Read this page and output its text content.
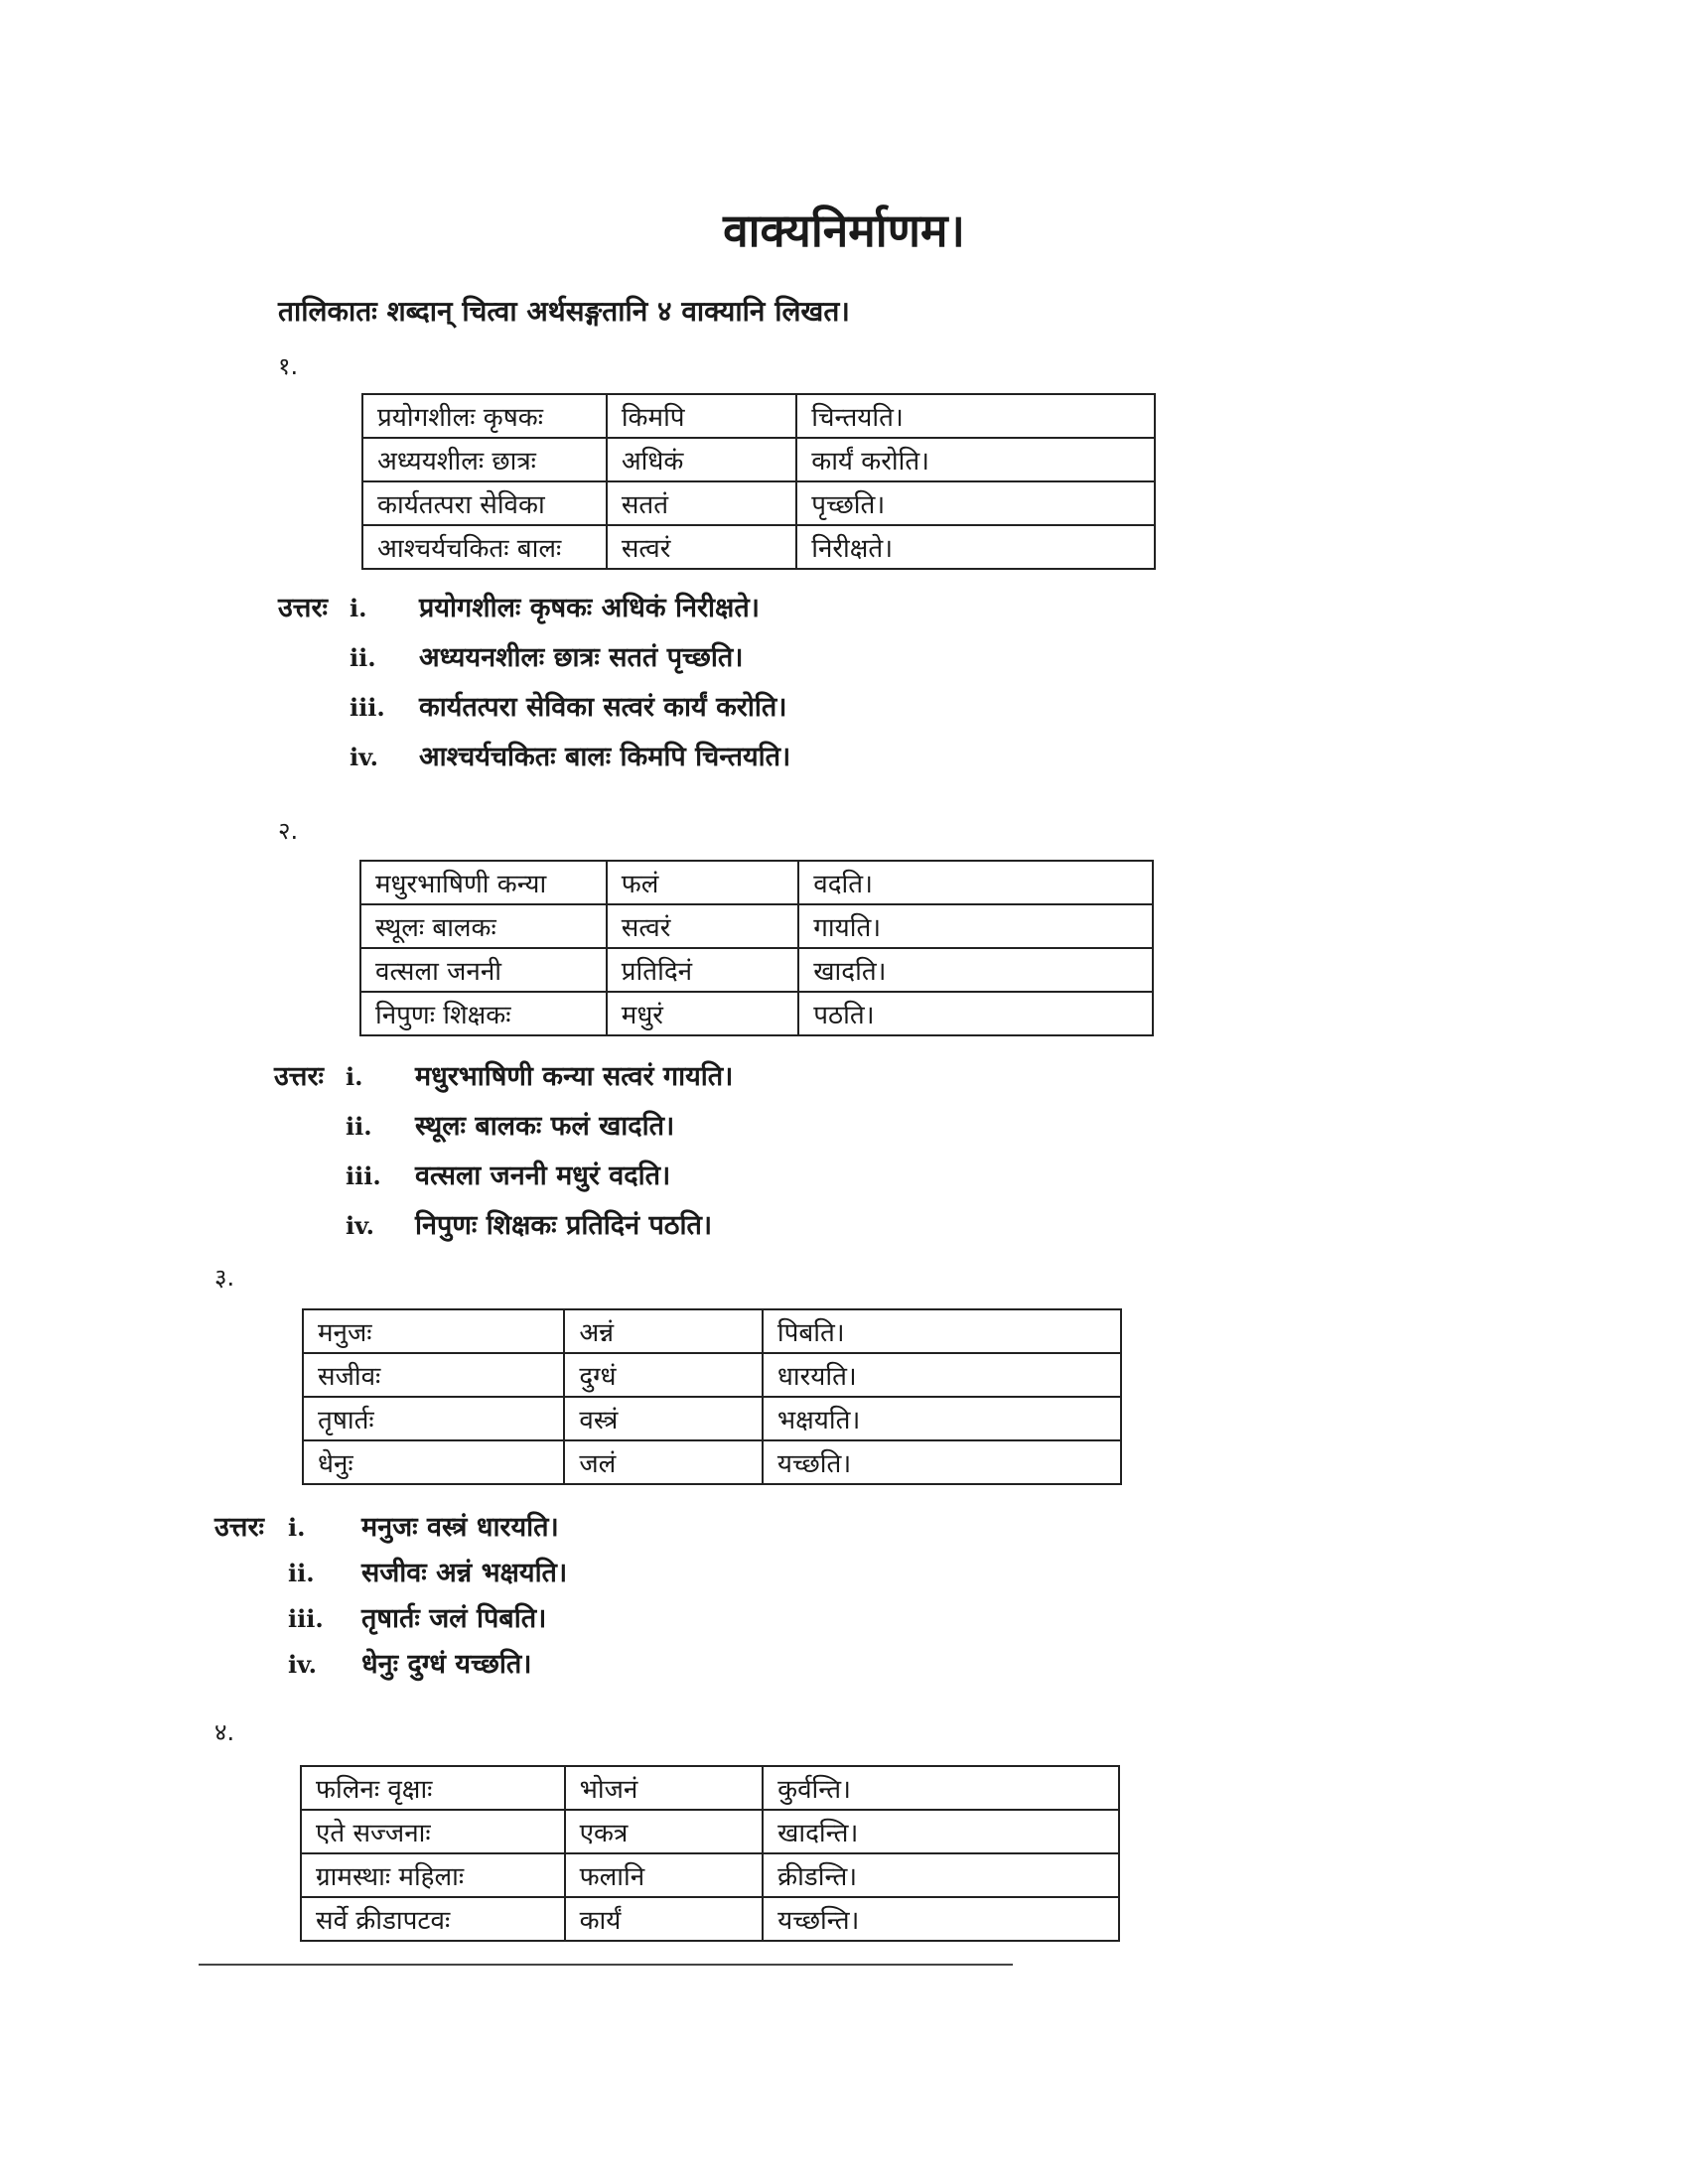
वाक्यनिर्माणम।

तालिकातः शब्दान् चित्वा अर्थसङ्गतानि ४ वाक्यानि लिखत।

१.

प्रयोगशीलः कृषकः	किमपि	चिन्तयति।
अध्ययशीलः छात्रः	अधिकं	कार्यं करोति।
कार्यतत्परा सेविका	सततं	पृच्छति।
आश्चर्यचकितः बालः	सत्वरं	निरीक्षते।
उत्तरः i. प्रयोगशीलः कृषकः अधिकं निरीक्षते।
ii. अध्ययनशीलः छात्रः सततं पृच्छति।
iii. कार्यतत्परा सेविका सत्वरं कार्यं करोति।
iv. आश्चर्यचकितः बालः किमपि चिन्तयति।

२.

मधुरभाषिणी कन्या	फलं	वदति।
स्थूलः बालकः	सत्वरं	गायति।
वत्सला जननी	प्रतिदिनं	खादति।
निपुणः शिक्षकः	मधुरं	पठति।
उत्तरः i. मधुरभाषिणी कन्या सत्वरं गायति।
ii. स्थूलः बालकः फलं खादति।
iii. वत्सला जननी मधुरं वदति।
iv. निपुणः शिक्षकः प्रतिदिनं पठति।

३.

मनुजः	अन्नं	पिबति।
सजीवः	दुग्धं	धारयति।
तृषार्तः	वस्त्रं	भक्षयति।
धेनुः	जलं	यच्छति।
उत्तरः i. मनुजः वस्त्रं धारयति।
ii. सजीवः अन्नं भक्षयति।
iii. तृषार्तः जलं पिबति।
iv. धेनुः दुग्धं यच्छति।

४.

फलिनः वृक्षाः	भोजनं	कुर्वन्ति।
एते सज्जनाः	एकत्र	खादन्ति।
ग्रामस्थाः महिलाः	फलानि	क्रीडन्ति।
सर्वे क्रीडापटवः	कार्यं	यच्छन्ति।
